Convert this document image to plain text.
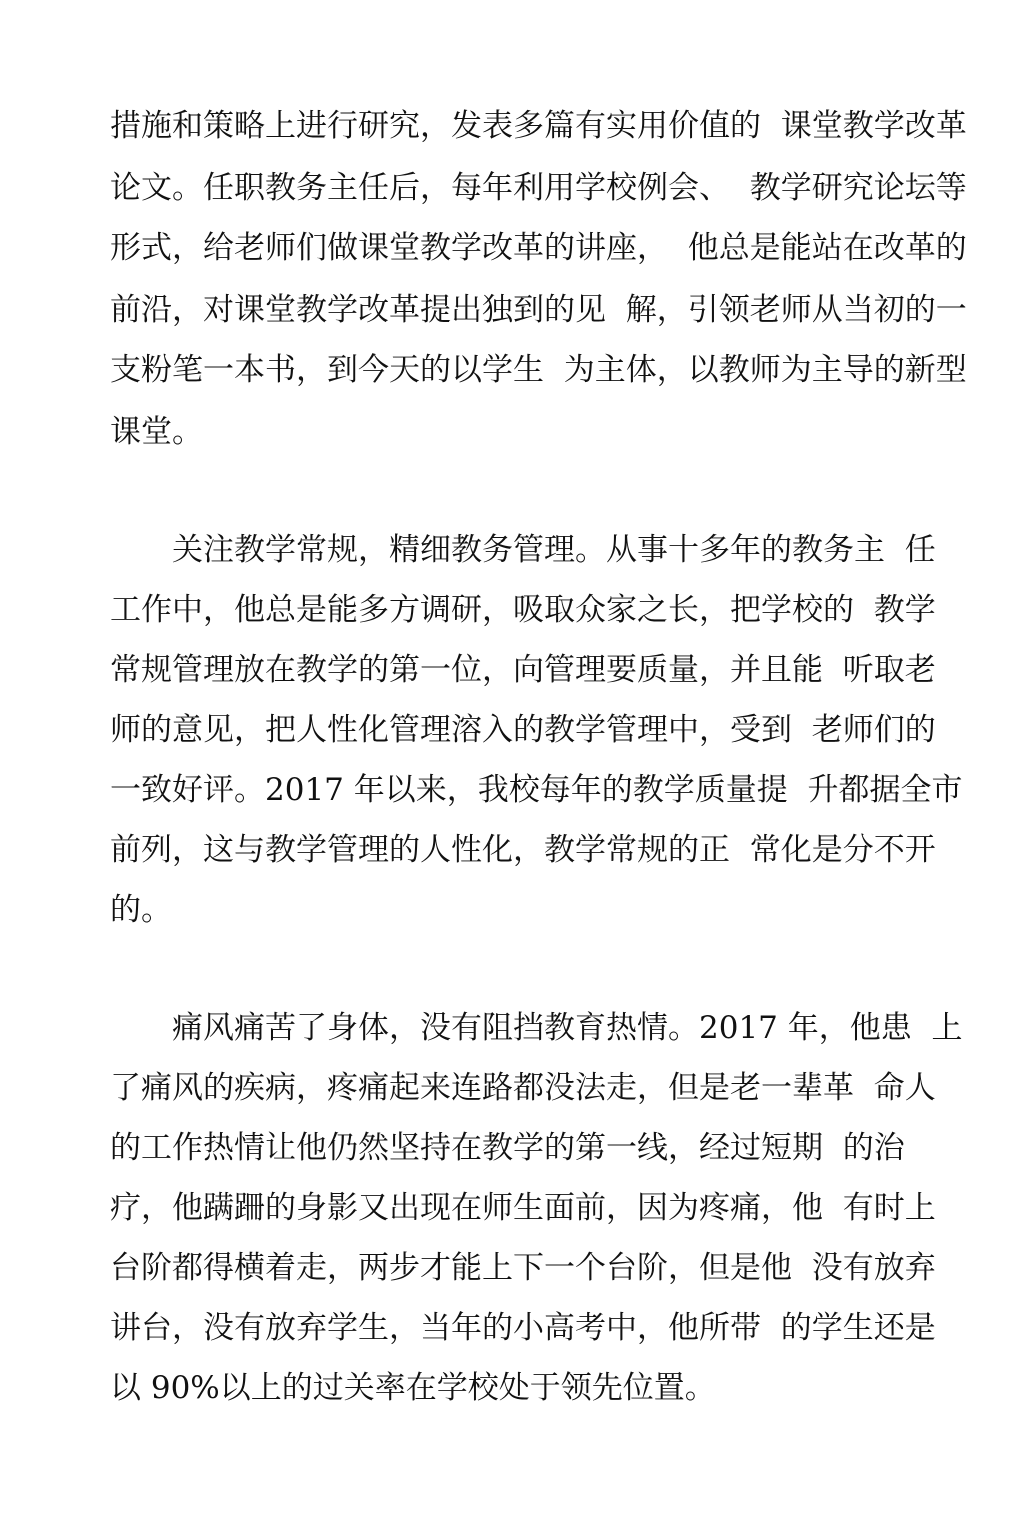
措施和策略上进行研究，发表多篇有实用价值的  课堂教学改革
论文。任职教务主任后，每年利用学校例会、  教学研究论坛等
形式，给老师们做课堂教学改革的讲座，  他总是能站在改革的
前沿，对课堂教学改革提出独到的见  解，引领老师从当初的一
支粉笔一本书，到今天的以学生  为主体，以教师为主导的新型
课堂。
关注教学常规，精细教务管理。从事十多年的教务主  任
工作中，他总是能多方调研，吸取众家之长，把学校的  教学
常规管理放在教学的第一位，向管理要质量，并且能  听取老
师的意见，把人性化管理溶入的教学管理中，受到  老师们的
一致好评。2017 年以来，我校每年的教学质量提  升都据全市
前列，这与教学管理的人性化，教学常规的正  常化是分不开
的。
痛风痛苦了身体，没有阻挡教育热情。2017 年，他患  上
了痛风的疾病，疼痛起来连路都没法走，但是老一辈革  命人
的工作热情让他仍然坚持在教学的第一线，经过短期  的治
疗，他蹒跚的身影又出现在师生面前，因为疼痛，他  有时上
台阶都得横着走，两步才能上下一个台阶，但是他  没有放弃
讲台，没有放弃学生，当年的小高考中，他所带  的学生还是
以 90%以上的过关率在学校处于领先位置。
